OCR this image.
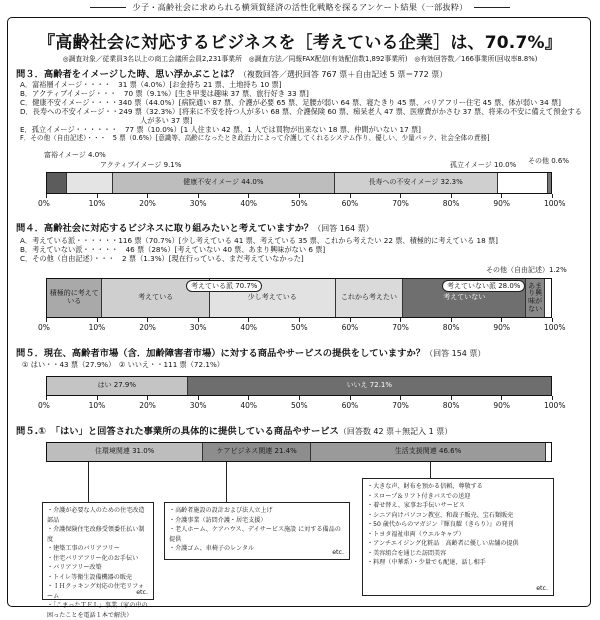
少子・高齢社会に求められる横須賀経済の活性化戦略を探るアンケート結果（一部抜粋）
『高齢社会に対応するビジネスを［考えている企業］は、70.7%』
◎調査対象／従業員3名以上の商工会議所会員2,231事業所　◎調査方法／同報FAX配信(有効配信数1,892事業所)　◎有効回答数／166事業所(回収率8.8%)
問３．高齢者をイメージした時、思い浮かぶことは？（複数回答／選択回答 767 票＋自由記述 5 票＝772 票）
A．富裕層イメージ・・・・　31 票（4.0%）[お金持ち 21 票、土地持ち 10 票]
B．アクティブイメージ・・・　70 票（9.1%）[生き甲斐は趣味 37 票、旅行好き 33 票]
C．健康不安イメージ・・・・340 票（44.0%）[病院通い 87 票、介護が必要 65 票、足腰が弱い 64 票、寝たきり 45 票、バリアフリー住宅 45 票、体が弱い 34 票]
D．長寿への不安イメージ・・249 票（32.3%）[将来に不安を持つ人が多い 68 票、介護保険 60 票、痴呆老人 47 票、医療費がかさむ 37 票、将来の不安に備えて預金する人が多い 37 票]
E．孤立イメージ・・・・・・　77 票（10.0%）[1 人住まい 42 票、1 人では買物が出来ない 18 票、仲間がいない 17 票]
F．その他（自由記述）・・・　5 票（0.6%）[意識等、高齢になったとき政治力によって介護してくれるシステム作り、優しい、少量パック、社会全体の責務]
富裕イメージ 4.0%
アクティブイメージ 9.1%	孤立イメージ 10.0% その他 0.6%
健康不安イメージ 44.0%	長寿への不安イメージ 32.3%
0%	10%	20%	30%	40%	50%	60%	70%	80%	90%	100%
問４．高齢社会に対応するビジネスに取り組みたいと考えていますか？（回答 164 票）
A．考えている派・・・・・・116 票（70.7%）[少し考えている 41 票、考えている 35 票、これから考えたい 22 票、積極的に考えている 18 票]
B．考えていない派・・・・・　46 票（28%）[考えていない 40 票、あまり興味がない 6 票]
C．その他（自由記述）・・・　2 票（1.3%）[現在行っている、まだ考えていなかった]
その他（自由記述）1.2%
積極的に考えている	考えている	少し考えている	これから考えたい	考えていない
あまり興味がない
考えている派 70.7%	考えていない派 28.0%
0%	10%	20%	30%	40%	50%	60%	70%	80%	90%	100%
問５．現在、高齢者市場（含．加齢障害者市場）に対する商品やサービスの提供をしていますか？（回答 154 票）
① はい・・43 票（27.9%）　② いいえ・・111 票（72.1%）
はい 27.9%	いいえ 72.1%
0%	10%	20%	30%	40%	50%	60%	70%	80%	90%	100%
問５.①　「はい」と回答された事業所の具体的に提供している商品やサービス（回答数 42 票＋無記入 1 票）
住環境関連 31.0%	ケアビジネス関連 21.4%	生活支援関連 46.6%
・ 介護が必要な人のための住宅改造部品
・ 介護保険住宅改修受領委任払い制度
・ 建築工事のバリアフリー
・ 住宅バリアフリー化のお手伝い
・ バリアフリー改築
・ トイレ等衛生設備機器の販売
・ ＩＨクッキング対応の住宅リフォーム
・ 「こまったＴＥＬ」事業（家の中の困ったことを電話１本で解決）
etc.
・ 高齢者施設の設計および法人立上げ
・ 介護事業（訪問介護・居宅支援）
・ 老人ホーム、ケアハウス、デイサービス施設 に対する備品の提供
・ 介護ゴム、車椅子のレンタル	etc.
・ 大きな声、財布を預かる信頼、尊敬する
・ スロープ＆リフト付きバスでの送迎
・ 着せ替え、家事お手伝いサービス
・ シニア向けパソコン教室、和裁子販売、宝石類販売
・ 50 歳代からのマガジン『輝良耀（きらり）』の発刊
・ トヨタ福祉車両（ウエルキャブ）
・ アンチエイジング化粧品　高齢者に優しい店舗の提供
・ 美容組合を通じた訪問美容
・ 料理（中華系）・少量でも配達、話し相手
etc.
